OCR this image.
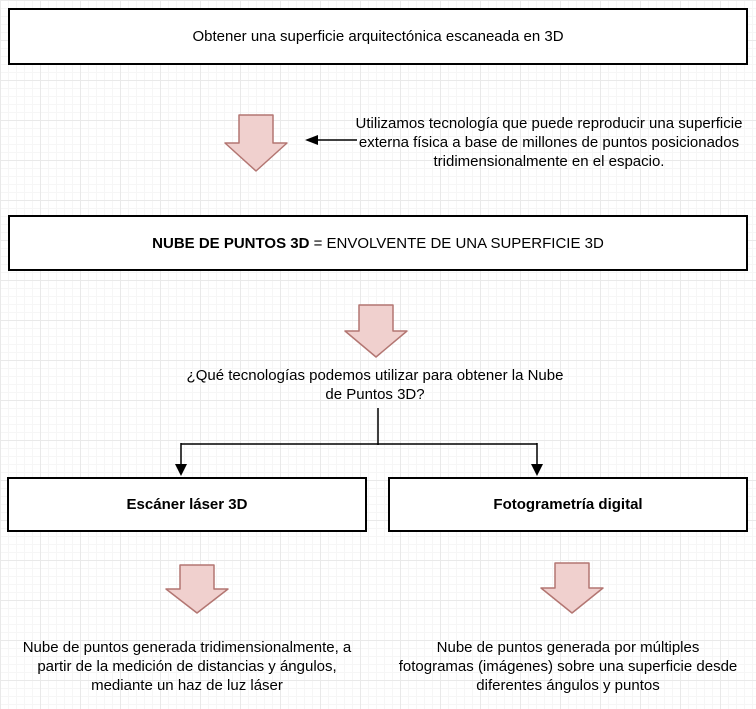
Obtener una superficie arquitectónica escaneada en 3D
Utilizamos tecnología que puede reproducir una superficie externa física a base de millones de puntos posicionados tridimensionalmente en el espacio.
NUBE DE PUNTOS 3D = ENVOLVENTE DE UNA SUPERFICIE 3D
¿Qué tecnologías podemos utilizar para obtener la Nube de Puntos 3D?
Escáner láser 3D	Fotogrametría digital
Nube de puntos generada tridimensionalmente, a partir de la medición de distancias y ángulos, mediante un haz de luz láser
Nube de puntos generada por múltiples fotogramas (imágenes) sobre una superficie desde diferentes ángulos y puntos
